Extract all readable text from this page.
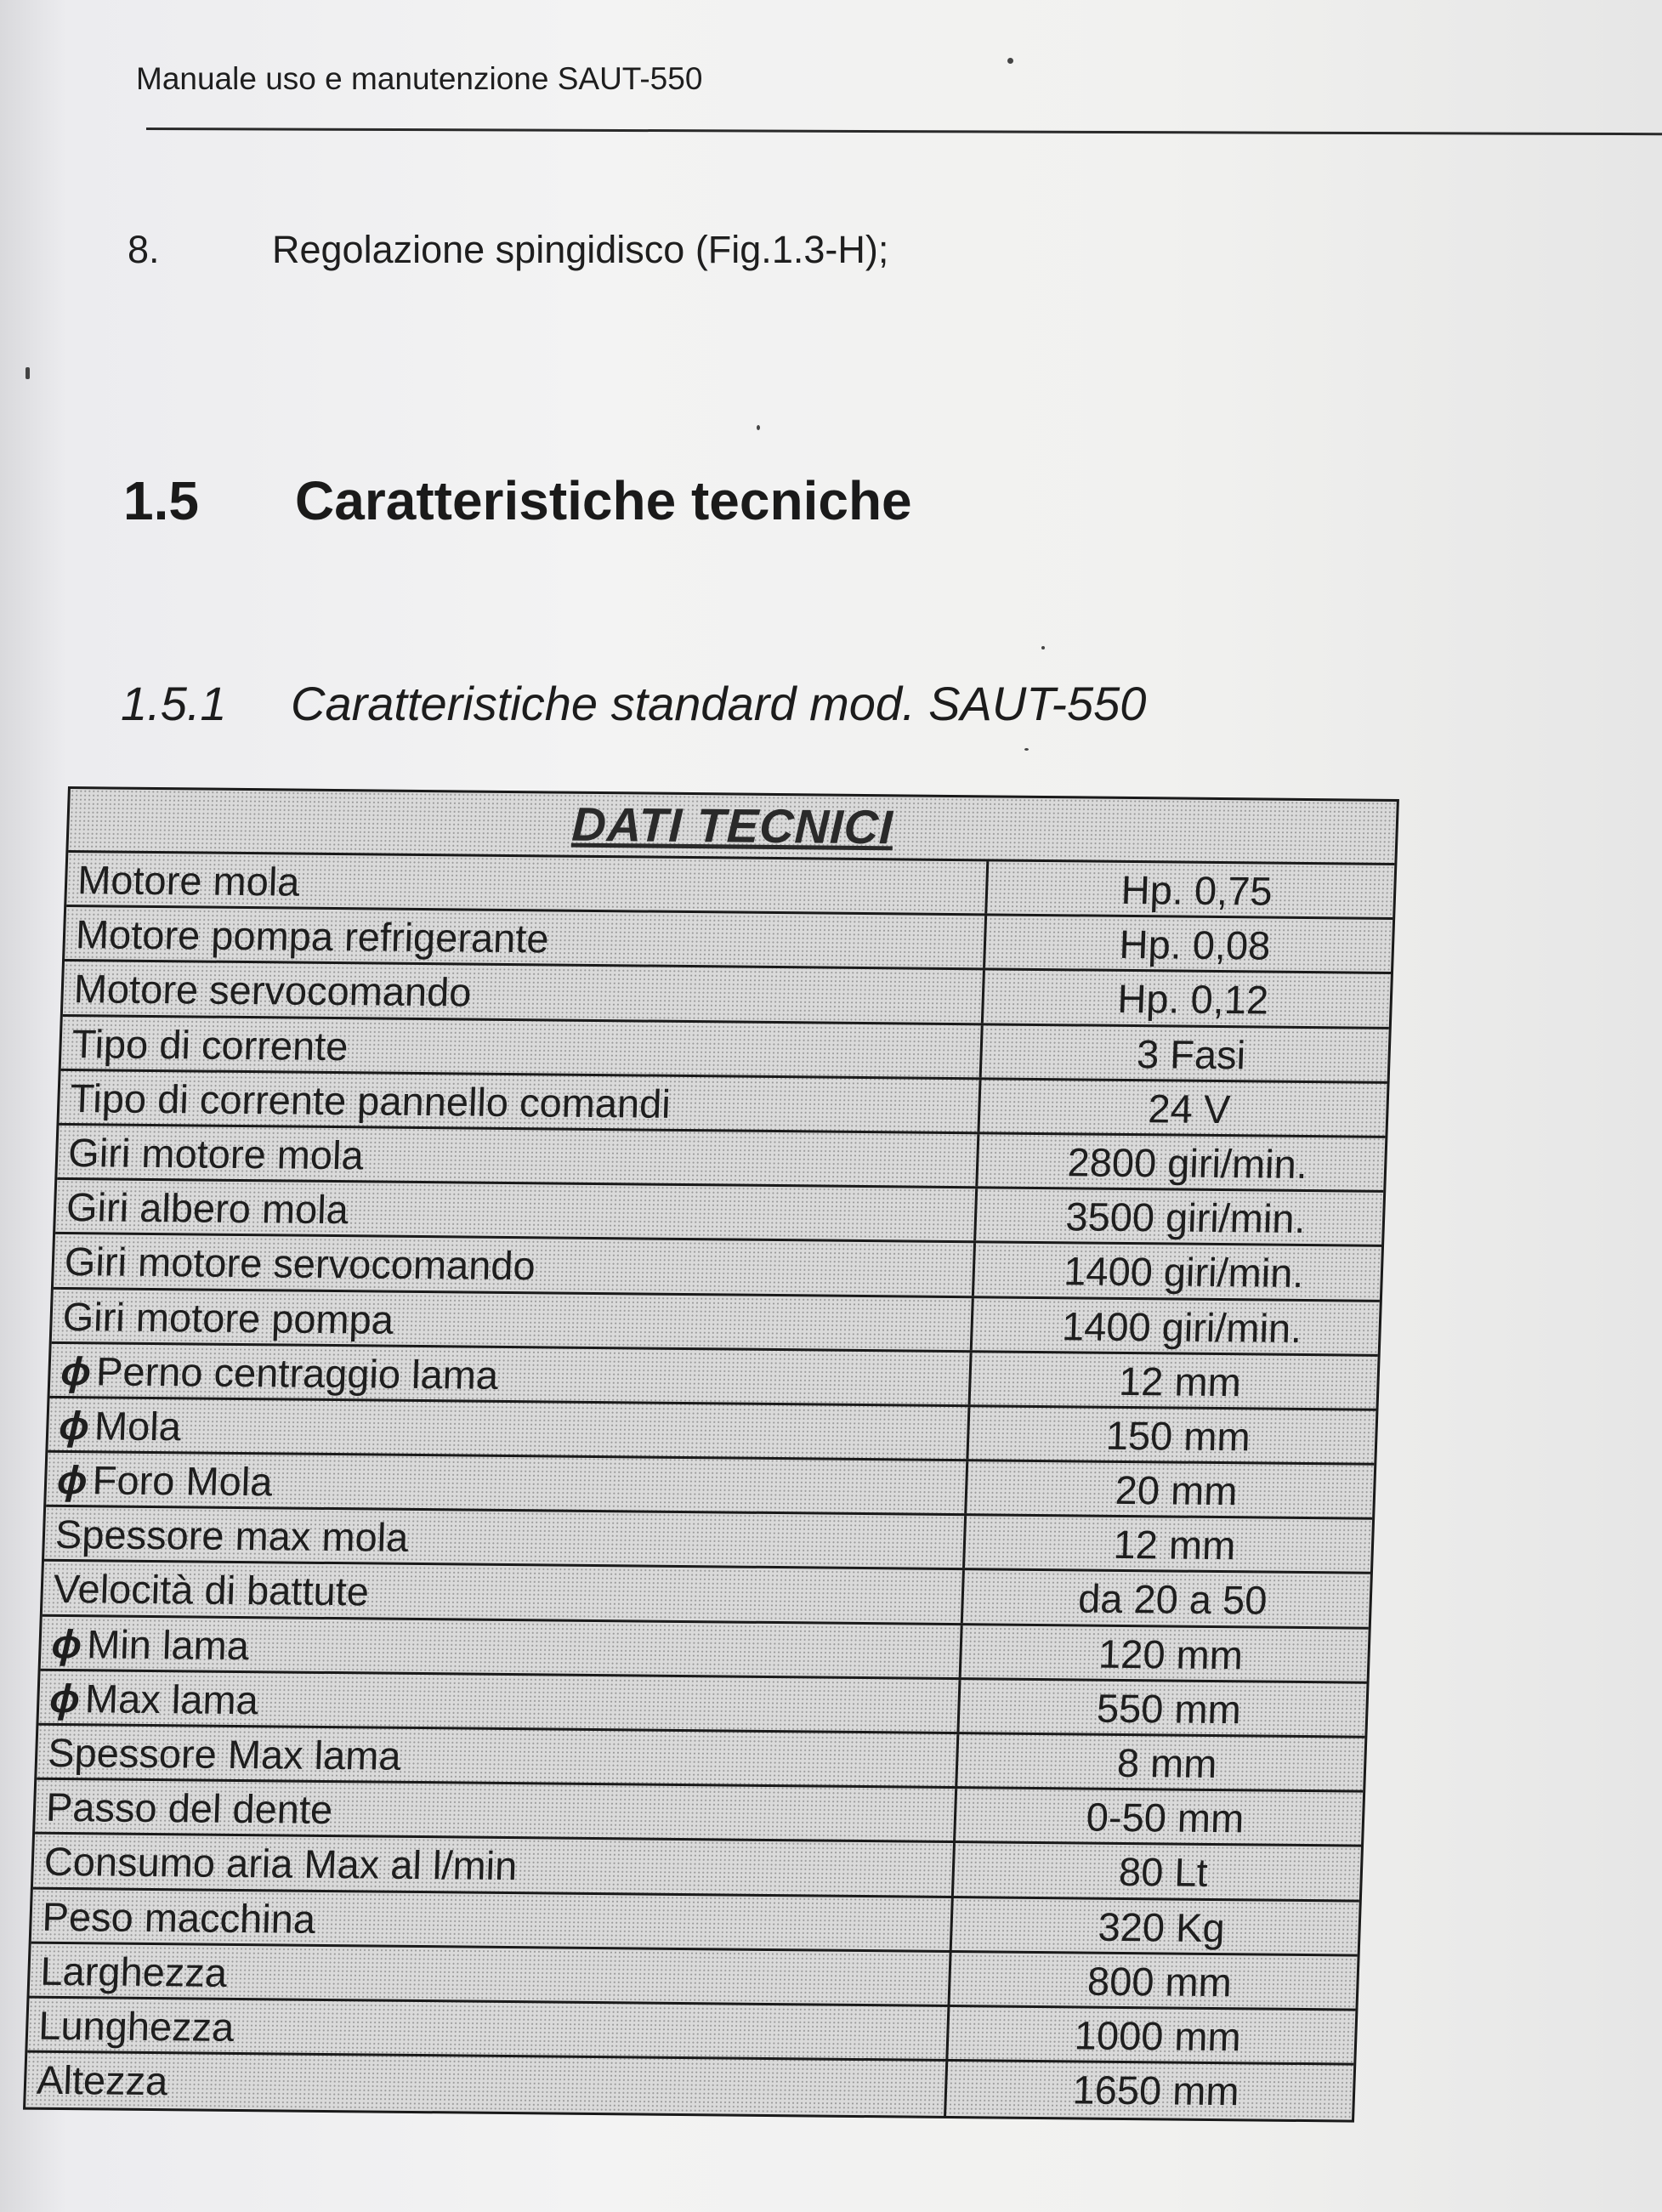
Manuale uso e manutenzione SAUT-550
8.	Regolazione spingidisco (Fig.1.3-H);
1.5 Caratteristiche tecniche
1.5.1 Caratteristiche standard mod. SAUT-550
DATI TECNICI
Motore mola	Hp. 0,75
Motore pompa refrigerante	Hp. 0,08
Motore servocomando	Hp. 0,12
Tipo di corrente	3 Fasi
Tipo di corrente pannello comandi	24 V
Giri motore mola	2800 giri/min.
Giri albero mola	3500 giri/min.
Giri motore servocomando	1400 giri/min.
Giri motore pompa	1400 giri/min.
ϕPerno centraggio lama	12 mm
ϕMola	150 mm
ϕForo Mola	20 mm
Spessore max mola	12 mm
Velocità di battute	da 20 a 50
ϕMin lama	120 mm
ϕMax lama	550 mm
Spessore Max lama	8 mm
Passo del dente	0-50 mm
Consumo aria Max al l/min	80 Lt
Peso macchina	320 Kg
Larghezza	800 mm
Lunghezza	1000 mm
Altezza	1650 mm
